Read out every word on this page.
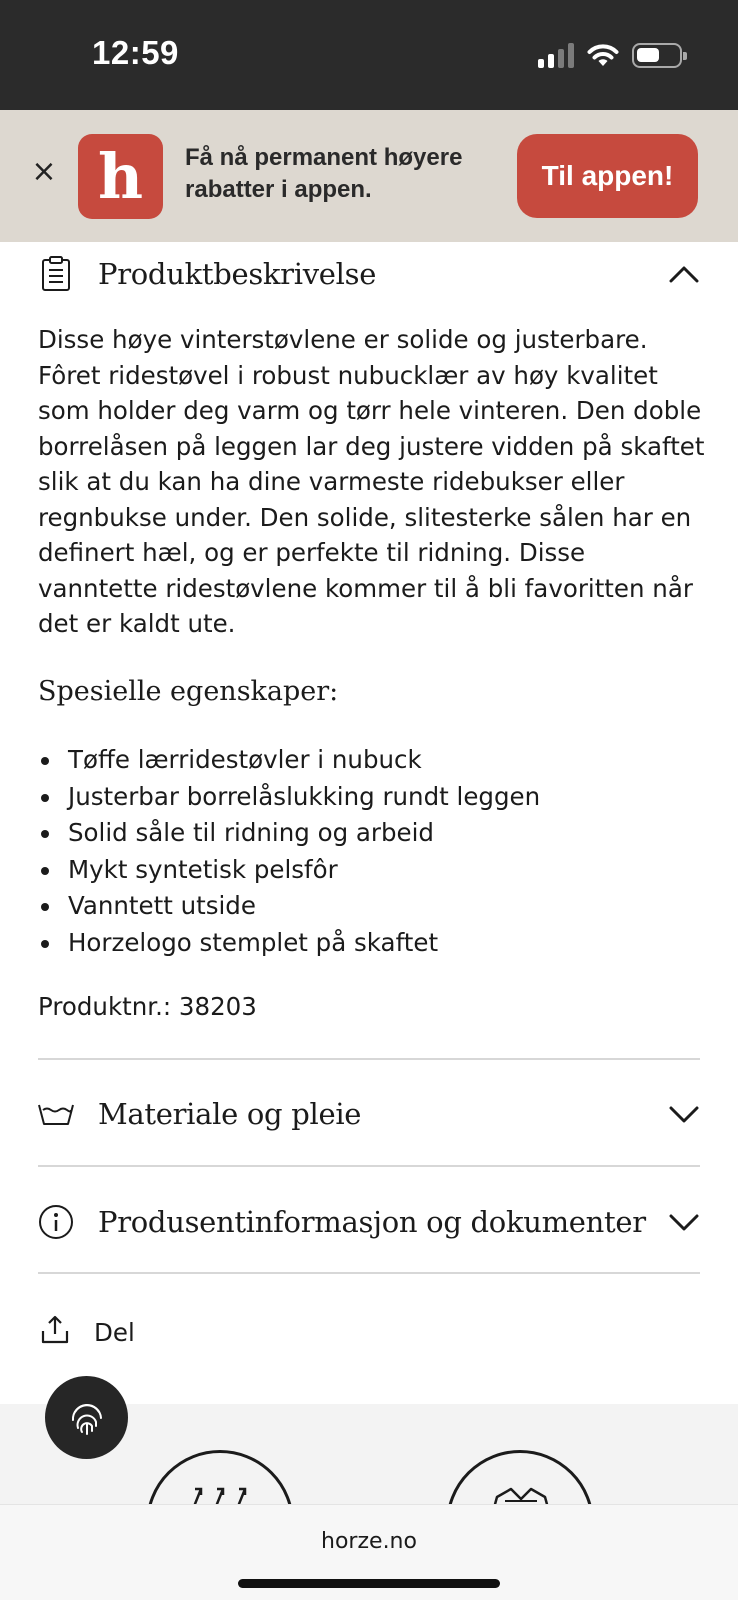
12:59
× h	Få nå permanent høyere rabatter i appen.	Til appen!
Produktbeskrivelse

Disse høye vinterstøvlene er solide og justerbare. Fôret ridestøvel i robust nubucklær av høy kvalitet som holder deg varm og tørr hele vinteren. Den doble borrelåsen på leggen lar deg justere vidden på skaftet slik at du kan ha dine varmeste ridebukser eller regnbukse under. Den solide, slitesterke sålen har en definert hæl, og er perfekte til ridning. Disse vanntette ridestøvlene kommer til å bli favoritten når det er kaldt ute.

Spesielle egenskaper:
Tøffe lærridestøvler i nubuck
Justerbar borrelåslukking rundt leggen
Solid såle til ridning og arbeid
Mykt syntetisk pelsfôr
Vanntett utside
Horzelogo stemplet på skaftet
Produktnr.: 38203
Materiale og pleie
Produsentinformasjon og dokumenter
Del
horze.no
